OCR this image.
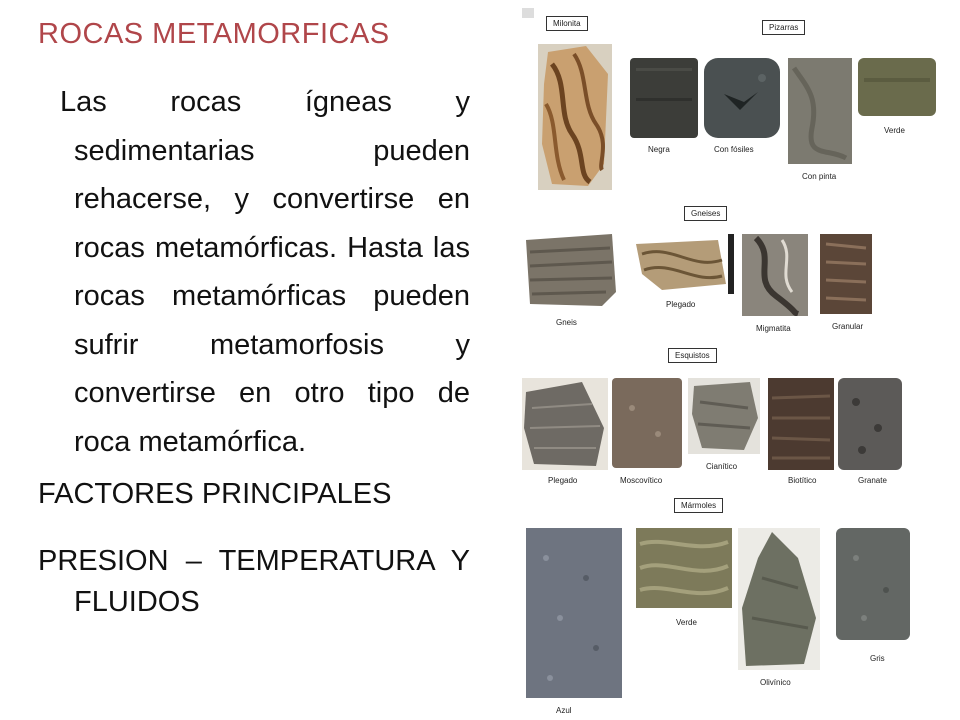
ROCAS METAMORFICAS
Las rocas ígneas y sedimentarias pueden rehacerse, y convertirse en rocas metamórficas. Hasta las rocas metamórficas pueden sufrir metamorfosis y convertirse en otro tipo de roca metamórfica.
FACTORES PRINCIPALES
PRESION – TEMPERATURA Y
FLUIDOS
Milonita	Pizarras
Negra	Con fósiles
Con pinta
Verde
Gneises
Gneis
Plegado
Migmatita	Granular
Esquistos
Plegado	Moscovítico
Cianítico
Biotítico	Granate
Mármoles
Azul
Verde
Olivínico
Gris
